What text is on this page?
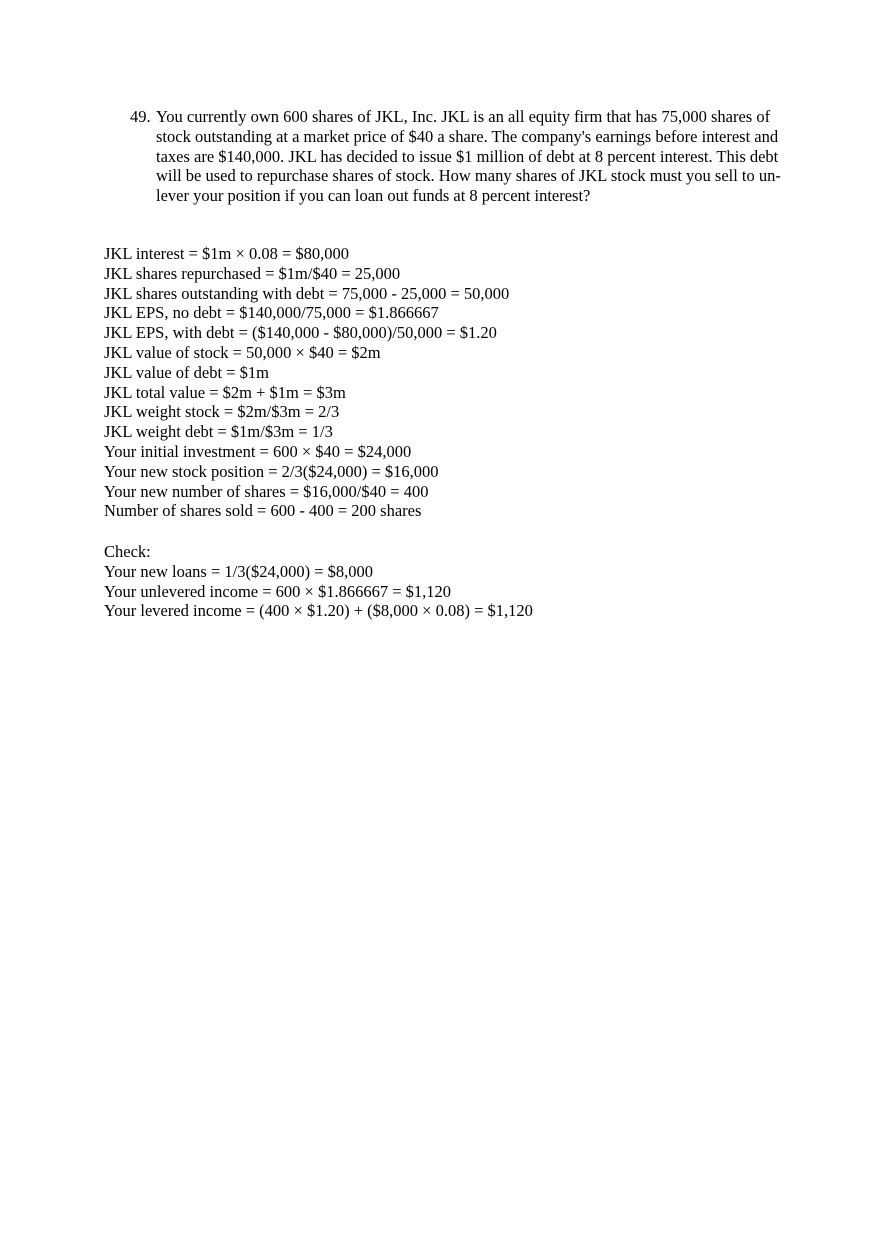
49. You currently own 600 shares of JKL, Inc. JKL is an all equity firm that has 75,000 shares of stock outstanding at a market price of $40 a share. The company's earnings before interest and taxes are $140,000. JKL has decided to issue $1 million of debt at 8 percent interest. This debt will be used to repurchase shares of stock. How many shares of JKL stock must you sell to un-lever your position if you can loan out funds at 8 percent interest?

JKL interest = $1m × 0.08 = $80,000
JKL shares repurchased = $1m/$40 = 25,000
JKL shares outstanding with debt = 75,000 - 25,000 = 50,000
JKL EPS, no debt = $140,000/75,000 = $1.866667
JKL EPS, with debt = ($140,000 - $80,000)/50,000 = $1.20
JKL value of stock = 50,000 × $40 = $2m
JKL value of debt = $1m
JKL total value = $2m + $1m = $3m
JKL weight stock = $2m/$3m = 2/3
JKL weight debt = $1m/$3m = 1/3
Your initial investment = 600 × $40 = $24,000
Your new stock position = 2/3($24,000) = $16,000
Your new number of shares = $16,000/$40 = 400
Number of shares sold = 600 - 400 = 200 shares
Check:
Your new loans = 1/3($24,000) = $8,000
Your unlevered income = 600 × $1.866667 = $1,120
Your levered income = (400 × $1.20) + ($8,000 × 0.08) = $1,120
